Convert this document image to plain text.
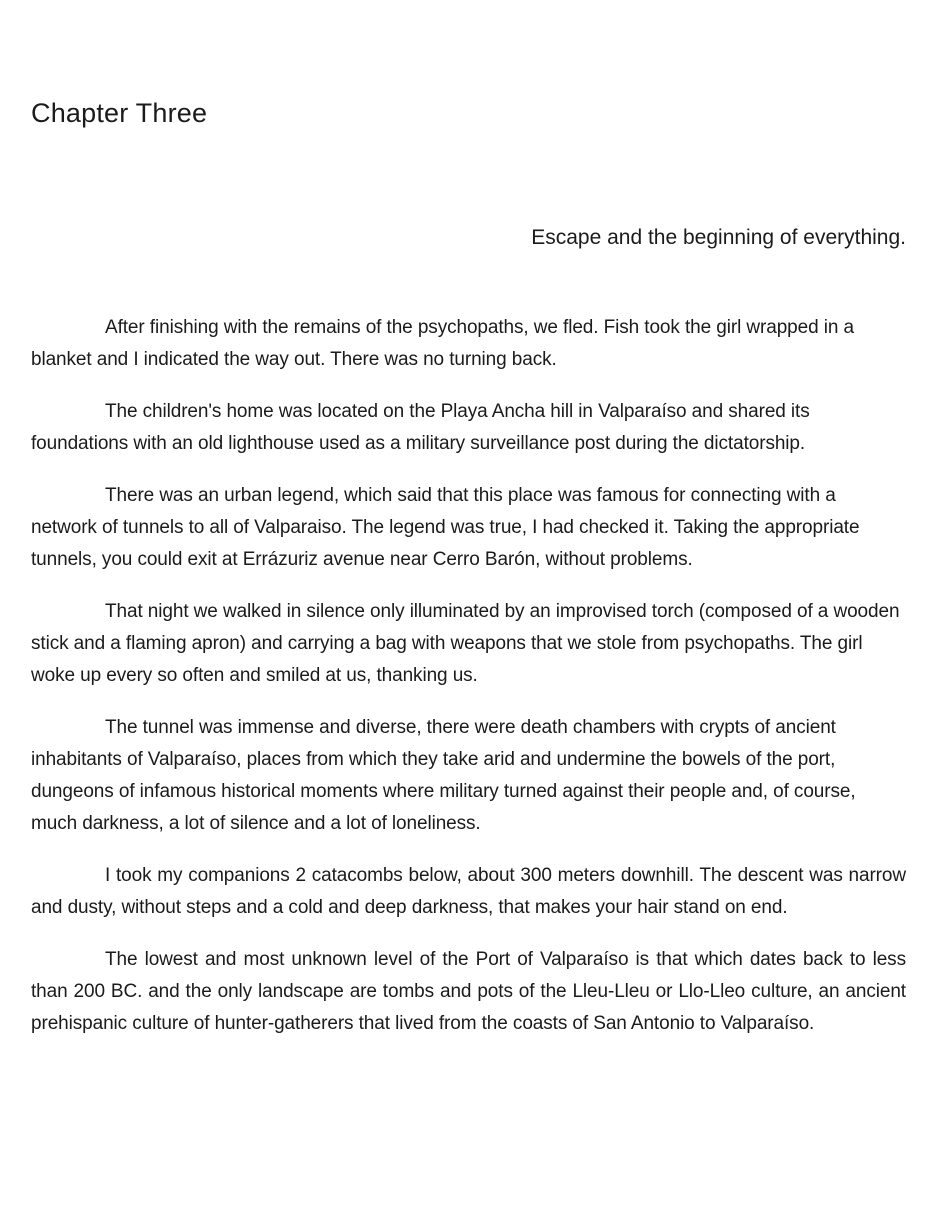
Chapter Three
Escape and the beginning of everything.

After finishing with the remains of the psychopaths, we fled. Fish took the girl wrapped in a blanket and I indicated the way out. There was no turning back.

The children's home was located on the Playa Ancha hill in Valparaíso and shared its foundations with an old lighthouse used as a military surveillance post during the dictatorship.

There was an urban legend, which said that this place was famous for connecting with a network of tunnels to all of Valparaiso. The legend was true, I had checked it. Taking the appropriate tunnels, you could exit at Errázuriz avenue near Cerro Barón, without problems.

That night we walked in silence only illuminated by an improvised torch (composed of a wooden stick and a flaming apron) and carrying a bag with weapons that we stole from psychopaths. The girl woke up every so often and smiled at us, thanking us.

The tunnel was immense and diverse, there were death chambers with crypts of ancient inhabitants of Valparaíso, places from which they take arid and undermine the bowels of the port, dungeons of infamous historical moments where military turned against their people and, of course, much darkness, a lot of silence and a lot of loneliness.

I took my companions 2 catacombs below, about 300 meters downhill. The descent was narrow and dusty, without steps and a cold and deep darkness, that makes your hair stand on end.

The lowest and most unknown level of the Port of Valparaíso is that which dates back to less than 200 BC. and the only landscape are tombs and pots of the Lleu-Lleu or Llo-Lleo culture, an ancient prehispanic culture of hunter-gatherers that lived from the coasts of San Antonio to Valparaíso.
